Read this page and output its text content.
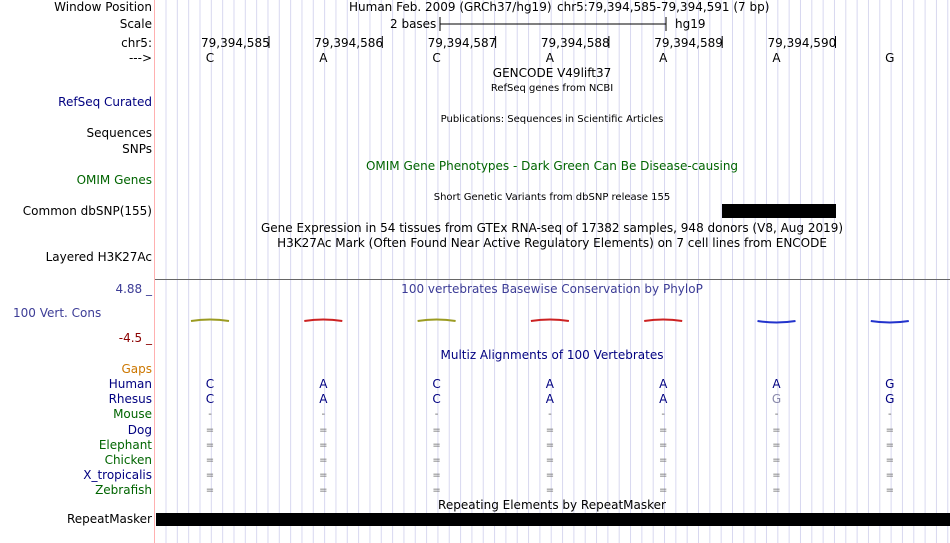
Window Position	Human Feb. 2009 (GRCh37/hg19) chr5:79,394,585-79,394,591 (7 bp)
Scale	2 bases	hg19
chr5:	79,394,585	79,394,586	79,394,587	79,394,588	79,394,589	79,394,590
--->	C	A	C	A	A	A	G
GENCODE V49lift37
RefSeq genes from NCBI
RefSeq Curated
Publications: Sequences in Scientific Articles
Sequences
SNPs
OMIM Gene Phenotypes - Dark Green Can Be Disease-causing
OMIM Genes
Short Genetic Variants from dbSNP release 155
Common dbSNP(155)
Gene Expression in 54 tissues from GTEx RNA-seq of 17382 samples, 948 donors (V8, Aug 2019)
H3K27Ac Mark (Often Found Near Active Regulatory Elements) on 7 cell lines from ENCODE
Layered H3K27Ac
4.88 _	100 vertebrates Basewise Conservation by PhyloP
100 Vert. Cons
-4.5 _
Multiz Alignments of 100 Vertebrates
Gaps
Human	C	A	C	A	A	A	G
Rhesus	C	A	C	A	A	G	G
Mouse	-	-	-	-	-	-	-
Dog	=	=	=	=	=	=	=
Elephant	=	=	=	=	=	=	=
Chicken	=	=	=	=	=	=	=
X_tropicalis	=	=	=	=	=	=	=
Zebrafish	=	=	=	=	=	=	=
Repeating Elements by RepeatMasker
RepeatMasker
